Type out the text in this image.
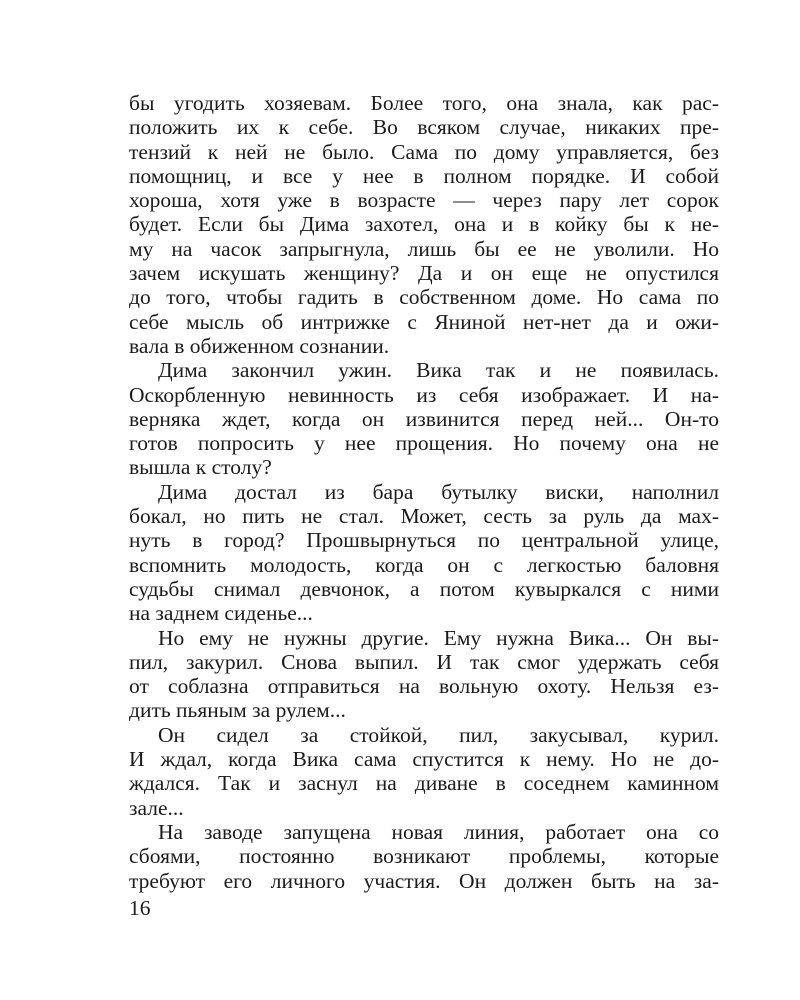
бы угодить хозяевам. Более того, она знала, как рас-
положить их к себе. Во всяком случае, никаких пре-
тензий к ней не было. Сама по дому управляется, без
помощниц, и все у нее в полном порядке. И собой
хороша, хотя уже в возрасте — через пару лет сорок
будет. Если бы Дима захотел, она и в койку бы к не-
му на часок запрыгнула, лишь бы ее не уволили. Но
зачем искушать женщину? Да и он еще не опустился
до того, чтобы гадить в собственном доме. Но сама по
себе мысль об интрижке с Яниной нет-нет да и ожи-
вала в обиженном сознании.
Дима закончил ужин. Вика так и не появилась.
Оскорбленную невинность из себя изображает. И на-
верняка ждет, когда он извинится перед ней... Он-то
готов попросить у нее прощения. Но почему она не
вышла к столу?
Дима достал из бара бутылку виски, наполнил
бокал, но пить не стал. Может, сесть за руль да мах-
нуть в город? Прошвырнуться по центральной улице,
вспомнить молодость, когда он с легкостью баловня
судьбы снимал девчонок, а потом кувыркался с ними
на заднем сиденье...
Но ему не нужны другие. Ему нужна Вика... Он вы-
пил, закурил. Снова выпил. И так смог удержать себя
от соблазна отправиться на вольную охоту. Нельзя ез-
дить пьяным за рулем...
Он сидел за стойкой, пил, закусывал, курил.
И ждал, когда Вика сама спустится к нему. Но не до-
ждался. Так и заснул на диване в соседнем каминном
зале...
На заводе запущена новая линия, работает она со
сбоями, постоянно возникают проблемы, которые
требуют его личного участия. Он должен быть на за-
16
